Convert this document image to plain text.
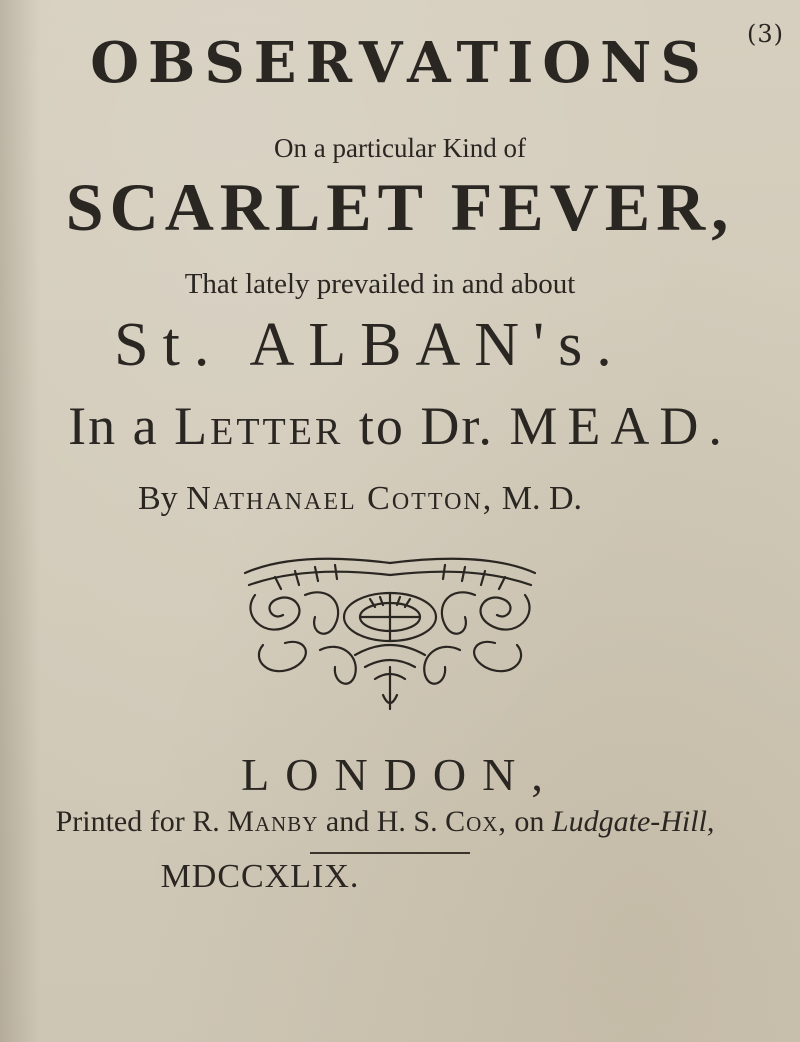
(3)
OBSERVATIONS
On a particular Kind of
SCARLET FEVER,
That lately prevailed in and about
St. ALBAN's.
In a Letter to Dr. MEAD.
By Nathanael Cotton, M. D.
LONDON,
Printed for R. Manby and H. S. Cox, on Ludgate-Hill,
MDCCXLIX.
